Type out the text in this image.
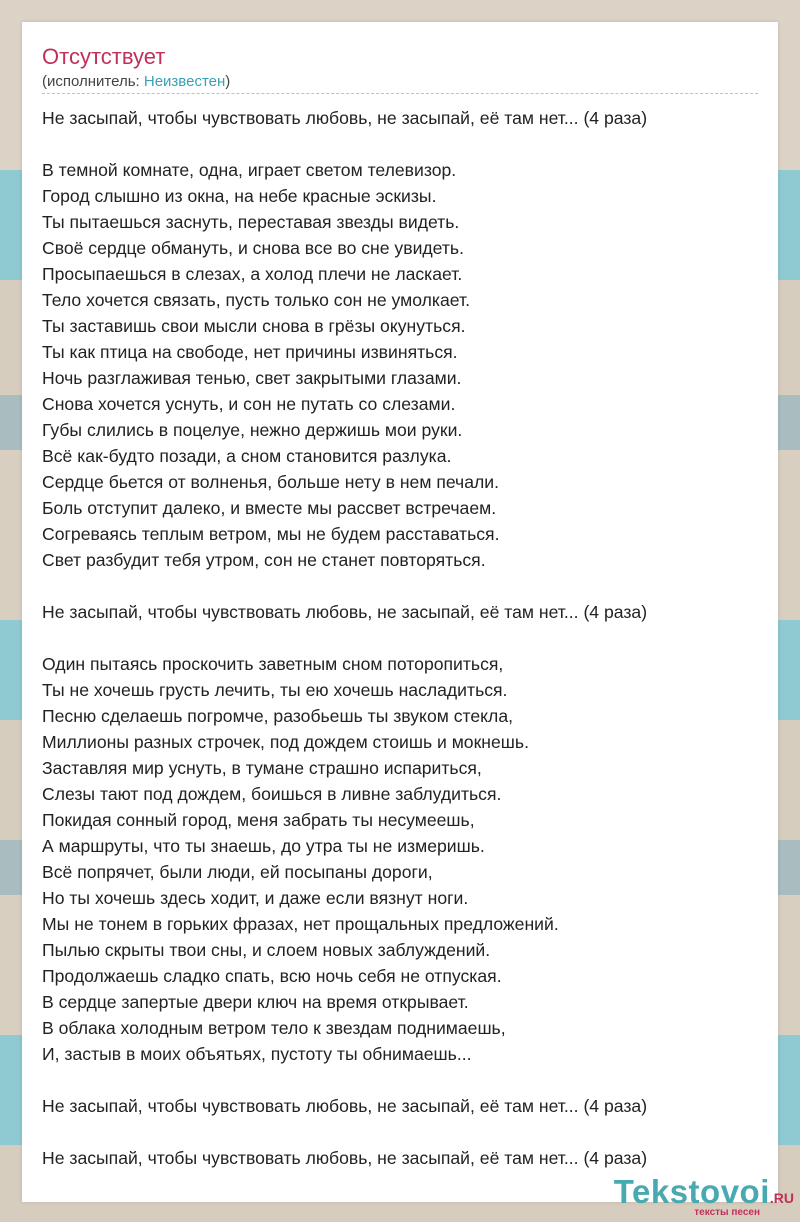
Отсутствует
(исполнитель: Неизвестен)
Не засыпай, чтобы чувствовать любовь, не засыпай, её там нет... (4 раза)
В темной комнате, одна, играет светом телевизор.
Город слышно из окна, на небе красные эскизы.
Ты пытаешься заснуть, переставая звезды видеть.
Своё сердце обмануть, и снова все во сне увидеть.
Просыпаешься в слезах, а холод плечи не ласкает.
Тело хочется связать, пусть только сон не умолкает.
Ты заставишь свои мысли снова в грёзы окунуться.
Ты как птица на свободе, нет причины извиняться.
Ночь разглаживая тенью, свет закрытыми глазами.
Снова хочется уснуть, и сон не путать со слезами.
Губы слились в поцелуе, нежно держишь мои руки.
Всё как-будто позади, а сном становится разлука.
Сердце бьется от волненья, больше нету в нем печали.
Боль отступит далеко, и вместе мы рассвет встречаем.
Согреваясь теплым ветром, мы не будем расставаться.
Свет разбудит тебя утром, сон не станет повторяться.
Не засыпай, чтобы чувствовать любовь, не засыпай, её там нет... (4 раза)
Один пытаясь проскочить заветным сном поторопиться,
Ты не хочешь грусть лечить, ты ею хочешь насладиться.
Песню сделаешь погромче, разобьешь ты звуком стекла,
Миллионы разных строчек, под дождем стоишь и мокнешь.
Заставляя мир уснуть, в тумане страшно испариться,
Слезы тают под дождем, боишься в ливне заблудиться.
Покидая сонный город, меня забрать ты несумеешь,
А маршруты, что ты знаешь, до утра ты не измеришь.
Всё попрячет, были люди, ей посыпаны дороги,
Но ты хочешь здесь ходит, и даже если вязнут ноги.
Мы не тонем в горьких фразах, нет прощальных предложений.
Пылью скрыты твои сны, и слоем новых заблуждений.
Продолжаешь сладко спать, всю ночь себя не отпуская.
В сердце запертые двери ключ на время открывает.
В облака холодным ветром тело к звездам поднимаешь,
И, застыв в моих объятьях, пустоту ты обнимаешь...
Не засыпай, чтобы чувствовать любовь, не засыпай, её там нет... (4 раза)
Не засыпай, чтобы чувствовать любовь, не засыпай, её там нет... (4 раза)
Tekstovoi.RU
тексты песен
